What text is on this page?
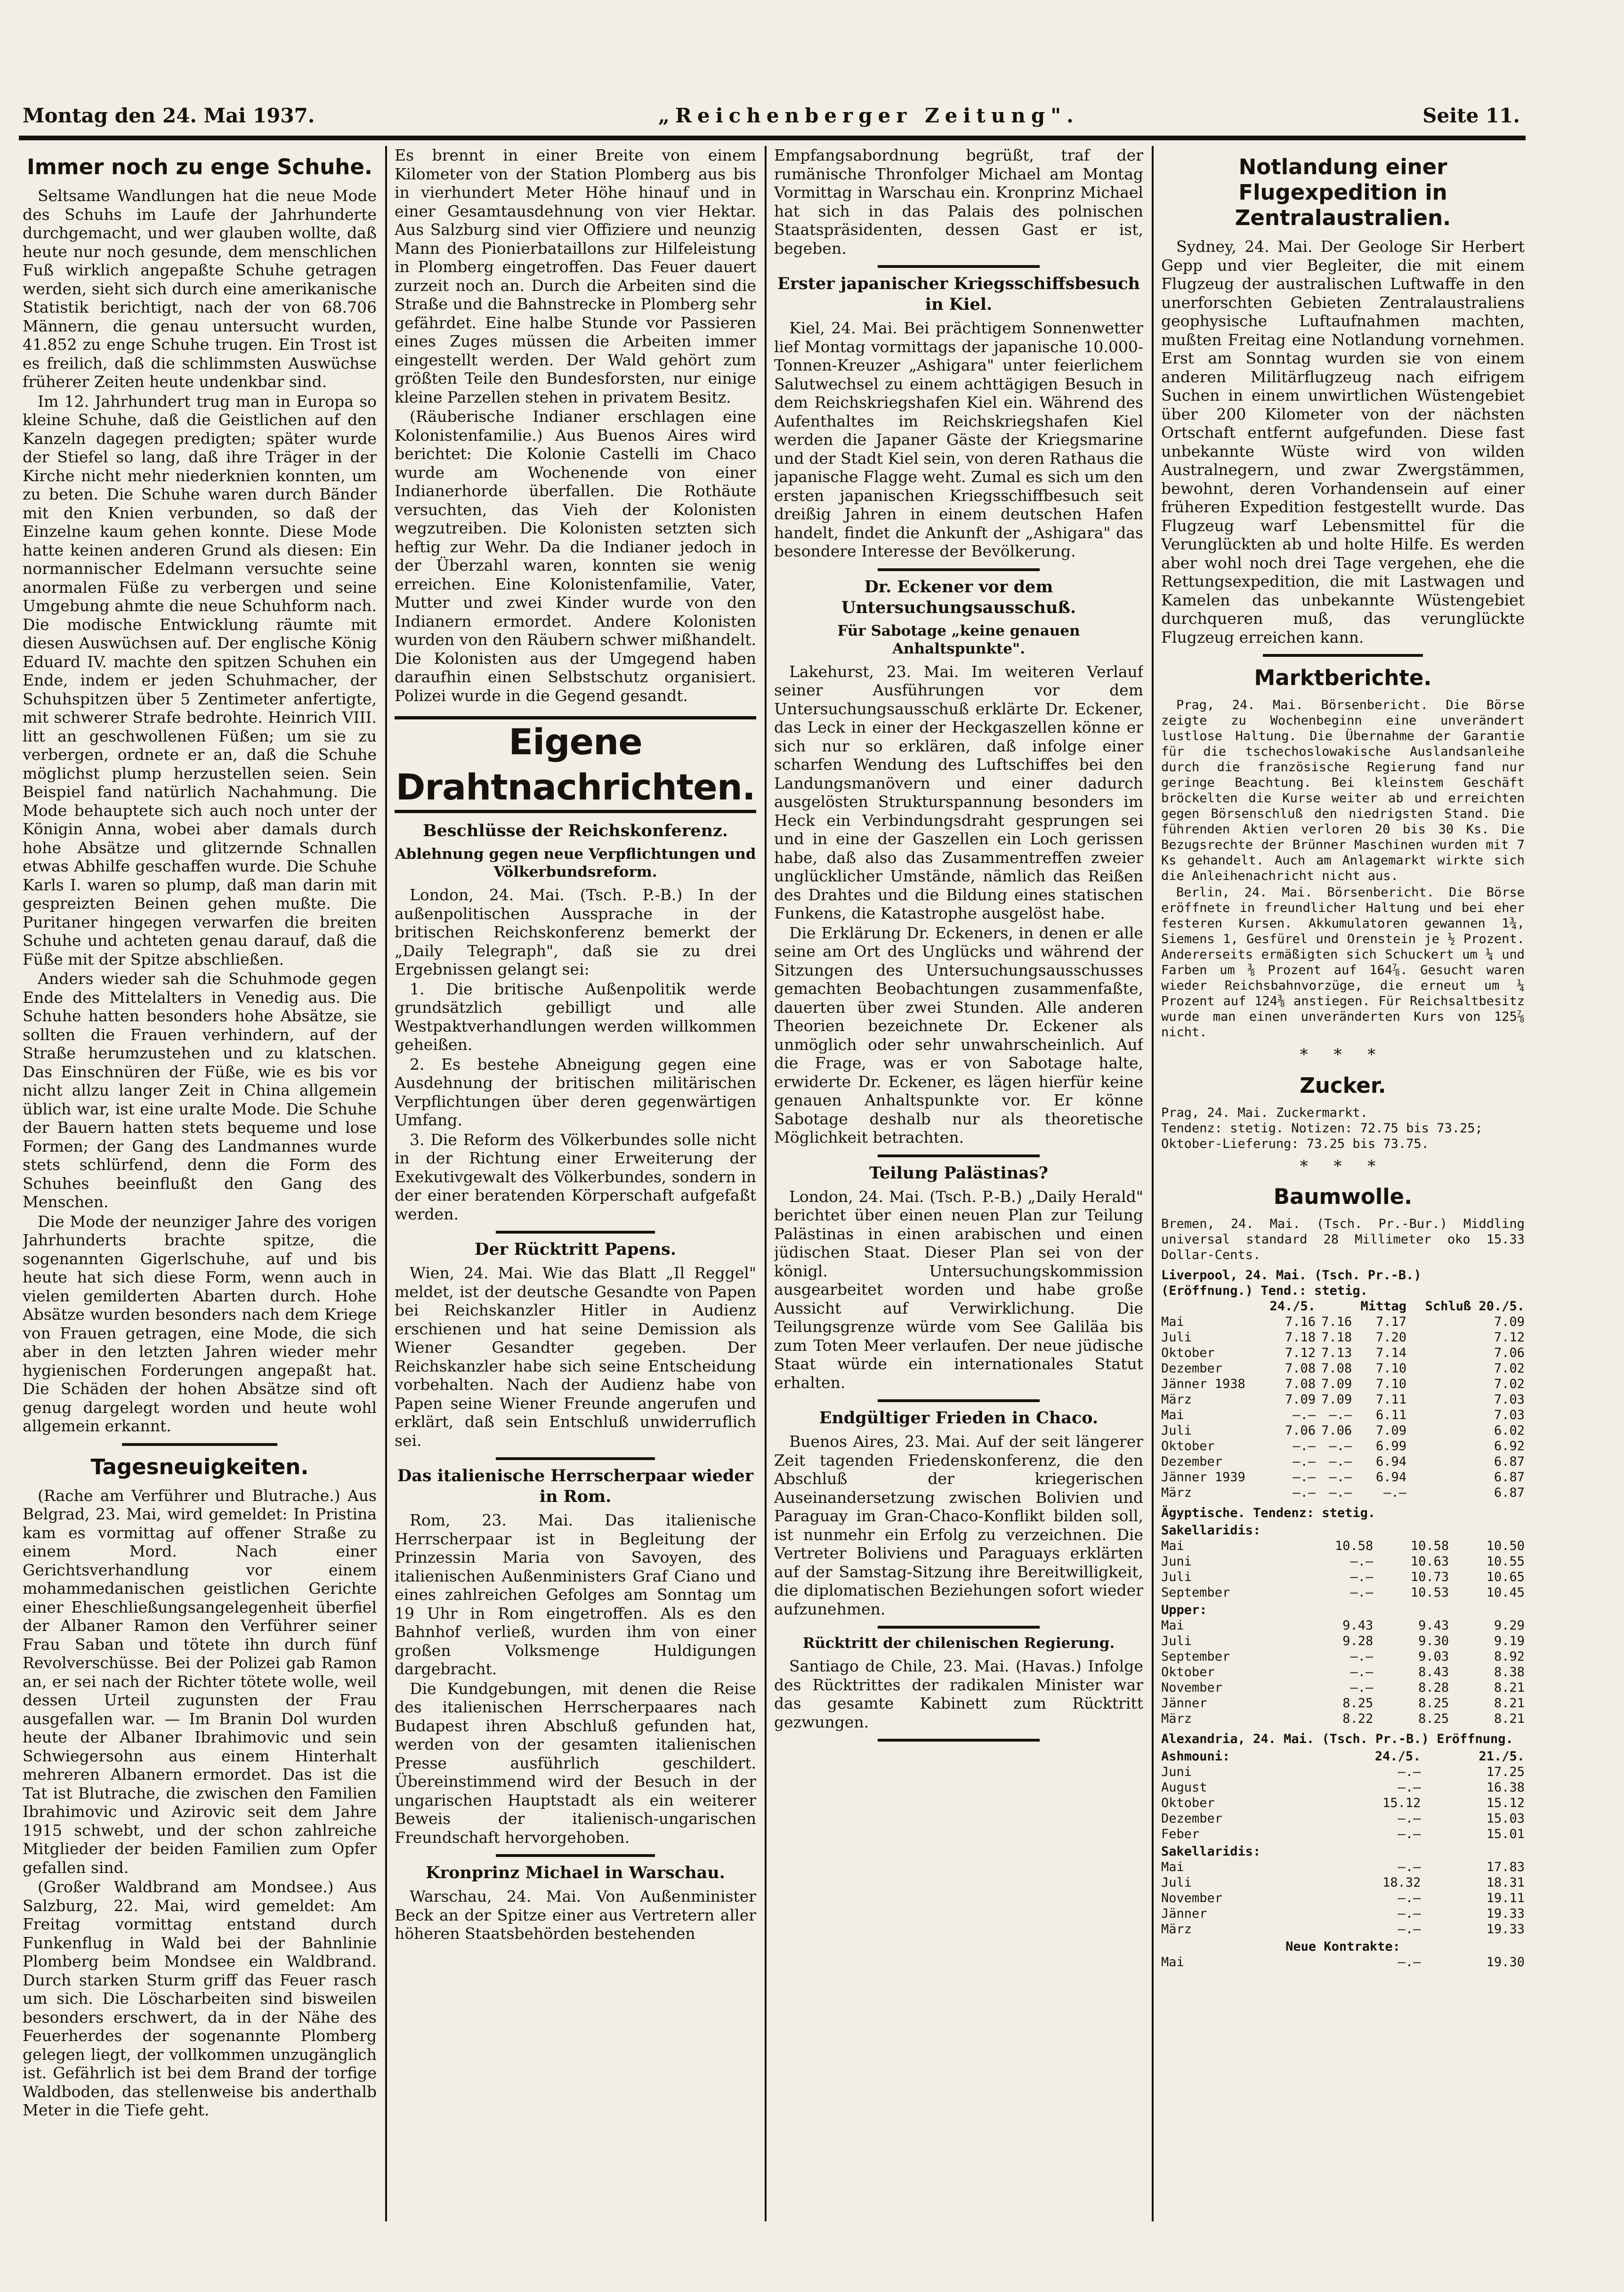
Montag den 24. Mai 1937.	„Reichenberger Zeitung".	Seite 11.
Immer noch zu enge Schuhe.

Seltsame Wandlungen hat die neue Mode des Schuhs im Laufe der Jahrhunderte durchgemacht, und wer glauben wollte, daß heute nur noch gesunde, dem menschlichen Fuß wirklich angepaßte Schuhe getragen werden, sieht sich durch eine amerikanische Statistik berichtigt, nach der von 68.706 Männern, die genau untersucht wurden, 41.852 zu enge Schuhe trugen. Ein Trost ist es freilich, daß die schlimmsten Auswüchse früherer Zeiten heute undenkbar sind.

Im 12. Jahrhundert trug man in Europa so kleine Schuhe, daß die Geistlichen auf den Kanzeln dagegen predigten; später wurde der Stiefel so lang, daß ihre Träger in der Kirche nicht mehr niederknien konnten, um zu beten. Die Schuhe waren durch Bänder mit den Knien verbunden, so daß der Einzelne kaum gehen konnte. Diese Mode hatte keinen anderen Grund als diesen: Ein normannischer Edelmann versuchte seine anormalen Füße zu verbergen und seine Umgebung ahmte die neue Schuhform nach. Die modische Entwicklung räumte mit diesen Auswüchsen auf. Der englische König Eduard IV. machte den spitzen Schuhen ein Ende, indem er jeden Schuhmacher, der Schuhspitzen über 5 Zentimeter anfertigte, mit schwerer Strafe bedrohte. Heinrich VIII. litt an geschwollenen Füßen; um sie zu verbergen, ordnete er an, daß die Schuhe möglichst plump herzustellen seien. Sein Beispiel fand natürlich Nachahmung. Die Mode behauptete sich auch noch unter der Königin Anna, wobei aber damals durch hohe Absätze und glitzernde Schnallen etwas Abhilfe geschaffen wurde. Die Schuhe Karls I. waren so plump, daß man darin mit gespreizten Beinen gehen mußte. Die Puritaner hingegen verwarfen die breiten Schuhe und achteten genau darauf, daß die Füße mit der Spitze abschließen.

Anders wieder sah die Schuhmode gegen Ende des Mittelalters in Venedig aus. Die Schuhe hatten besonders hohe Absätze, sie sollten die Frauen verhindern, auf der Straße herumzustehen und zu klatschen. Das Einschnüren der Füße, wie es bis vor nicht allzu langer Zeit in China allgemein üblich war, ist eine uralte Mode. Die Schuhe der Bauern hatten stets bequeme und lose Formen; der Gang des Landmannes wurde stets schlürfend, denn die Form des Schuhes beeinflußt den Gang des Menschen.

Die Mode der neunziger Jahre des vorigen Jahrhunderts brachte spitze, die sogenannten Gigerlschuhe, auf und bis heute hat sich diese Form, wenn auch in vielen gemilderten Abarten durch. Hohe Absätze wurden besonders nach dem Kriege von Frauen getragen, eine Mode, die sich aber in den letzten Jahren wieder mehr hygienischen Forderungen angepaßt hat. Die Schäden der hohen Absätze sind oft genug dargelegt worden und heute wohl allgemein erkannt.

Tagesneuigkeiten.

(Rache am Verführer und Blutrache.) Aus Belgrad, 23. Mai, wird gemeldet: In Pristina kam es vormittag auf offener Straße zu einem Mord. Nach einer Gerichtsverhandlung vor einem mohammedanischen geistlichen Gerichte einer Eheschließungsangelegenheit überfiel der Albaner Ramon den Verführer seiner Frau Saban und tötete ihn durch fünf Revolverschüsse. Bei der Polizei gab Ramon an, er sei nach der Richter tötete wolle, weil dessen Urteil zugunsten der Frau ausgefallen war. — Im Branin Dol wurden heute der Albaner Ibrahimovic und sein Schwiegersohn aus einem Hinterhalt mehreren Albanern ermordet. Das ist die Tat ist Blutrache, die zwischen den Familien Ibrahimovic und Azirovic seit dem Jahre 1915 schwebt, und der schon zahlreiche Mitglieder der beiden Familien zum Opfer gefallen sind.

(Großer Waldbrand am Mondsee.) Aus Salzburg, 22. Mai, wird gemeldet: Am Freitag vormittag entstand durch Funkenflug in Wald bei der Bahnlinie Plomberg beim Mondsee ein Waldbrand. Durch starken Sturm griff das Feuer rasch um sich. Die Löscharbeiten sind bisweilen besonders erschwert, da in der Nähe des Feuerherdes der sogenannte Plomberg gelegen liegt, der vollkommen unzugänglich ist. Gefährlich ist bei dem Brand der torfige Waldboden, das stellenweise bis anderthalb Meter in die Tiefe geht.

Es brennt in einer Breite von einem Kilometer von der Station Plomberg aus bis in vierhundert Meter Höhe hinauf und in einer Gesamtausdehnung von vier Hektar. Aus Salzburg sind vier Offiziere und neunzig Mann des Pionierbataillons zur Hilfeleistung in Plomberg eingetroffen. Das Feuer dauert zurzeit noch an. Durch die Arbeiten sind die Straße und die Bahnstrecke in Plomberg sehr gefährdet. Eine halbe Stunde vor Passieren eines Zuges müssen die Arbeiten immer eingestellt werden. Der Wald gehört zum größten Teile den Bundesforsten, nur einige kleine Parzellen stehen in privatem Besitz.

(Räuberische Indianer erschlagen eine Kolonistenfamilie.) Aus Buenos Aires wird berichtet: Die Kolonie Castelli im Chaco wurde am Wochenende von einer Indianerhorde überfallen. Die Rothäute versuchten, das Vieh der Kolonisten wegzutreiben. Die Kolonisten setzten sich heftig zur Wehr. Da die Indianer jedoch in der Überzahl waren, konnten sie wenig erreichen. Eine Kolonistenfamilie, Vater, Mutter und zwei Kinder wurde von den Indianern ermordet. Andere Kolonisten wurden von den Räubern schwer mißhandelt. Die Kolonisten aus der Umgegend haben daraufhin einen Selbstschutz organisiert. Polizei wurde in die Gegend gesandt.

Eigene Drahtnachrichten.
Beschlüsse der Reichskonferenz.
Ablehnung gegen neue Verpflichtungen und Völkerbundsreform.

London, 24. Mai. (Tsch. P.-B.) In der außenpolitischen Aussprache in der britischen Reichskonferenz bemerkt der „Daily Telegraph", daß sie zu drei Ergebnissen gelangt sei:

1. Die britische Außenpolitik werde grundsätzlich gebilligt und alle Westpaktverhandlungen werden willkommen geheißen.

2. Es bestehe Abneigung gegen eine Ausdehnung der britischen militärischen Verpflichtungen über deren gegenwärtigen Umfang.

3. Die Reform des Völkerbundes solle nicht in der Richtung einer Erweiterung der Exekutivgewalt des Völkerbundes, sondern in der einer beratenden Körperschaft aufgefaßt werden.

Der Rücktritt Papens.

Wien, 24. Mai. Wie das Blatt „Il Reggel" meldet, ist der deutsche Gesandte von Papen bei Reichskanzler Hitler in Audienz erschienen und hat seine Demission als Wiener Gesandter gegeben. Der Reichskanzler habe sich seine Entscheidung vorbehalten. Nach der Audienz habe von Papen seine Wiener Freunde angerufen und erklärt, daß sein Entschluß unwiderruflich sei.

Das italienische Herrscherpaar wieder in Rom.

Rom, 23. Mai. Das italienische Herrscherpaar ist in Begleitung der Prinzessin Maria von Savoyen, des italienischen Außenministers Graf Ciano und eines zahlreichen Gefolges am Sonntag um 19 Uhr in Rom eingetroffen. Als es den Bahnhof verließ, wurden ihm von einer großen Volksmenge Huldigungen dargebracht.

Die Kundgebungen, mit denen die Reise des italienischen Herrscherpaares nach Budapest ihren Abschluß gefunden hat, werden von der gesamten italienischen Presse ausführlich geschildert. Übereinstimmend wird der Besuch in der ungarischen Hauptstadt als ein weiterer Beweis der italienisch-ungarischen Freundschaft hervorgehoben.

Kronprinz Michael in Warschau.

Warschau, 24. Mai. Von Außenminister Beck an der Spitze einer aus Vertretern aller höheren Staatsbehörden bestehenden

Empfangsabordnung begrüßt, traf der rumänische Thronfolger Michael am Montag Vormittag in Warschau ein. Kronprinz Michael hat sich in das Palais des polnischen Staatspräsidenten, dessen Gast er ist, begeben.

Erster japanischer Kriegsschiffsbesuch in Kiel.

Kiel, 24. Mai. Bei prächtigem Sonnenwetter lief Montag vormittags der japanische 10.000-Tonnen-Kreuzer „Ashigara" unter feierlichem Salutwechsel zu einem achttägigen Besuch in dem Reichskriegshafen Kiel ein. Während des Aufenthaltes im Reichskriegshafen Kiel werden die Japaner Gäste der Kriegsmarine und der Stadt Kiel sein, von deren Rathaus die japanische Flagge weht. Zumal es sich um den ersten japanischen Kriegsschiffbesuch seit dreißig Jahren in einem deutschen Hafen handelt, findet die Ankunft der „Ashigara" das besondere Interesse der Bevölkerung.

Dr. Eckener vor dem Untersuchungsausschuß.
Für Sabotage „keine genauen Anhaltspunkte".

Lakehurst, 23. Mai. Im weiteren Verlauf seiner Ausführungen vor dem Untersuchungsausschuß erklärte Dr. Eckener, das Leck in einer der Heckgaszellen könne er sich nur so erklären, daß infolge einer scharfen Wendung des Luftschiffes bei den Landungsmanövern und einer dadurch ausgelösten Strukturspannung besonders im Heck ein Verbindungsdraht gesprungen sei und in eine der Gaszellen ein Loch gerissen habe, daß also das Zusammentreffen zweier unglücklicher Umstände, nämlich das Reißen des Drahtes und die Bildung eines statischen Funkens, die Katastrophe ausgelöst habe.

Die Erklärung Dr. Eckeners, in denen er alle seine am Ort des Unglücks und während der Sitzungen des Untersuchungsausschusses gemachten Beobachtungen zusammenfaßte, dauerten über zwei Stunden. Alle anderen Theorien bezeichnete Dr. Eckener als unmöglich oder sehr unwahrscheinlich. Auf die Frage, was er von Sabotage halte, erwiderte Dr. Eckener, es lägen hierfür keine genauen Anhaltspunkte vor. Er könne Sabotage deshalb nur als theoretische Möglichkeit betrachten.

Teilung Palästinas?

London, 24. Mai. (Tsch. P.-B.) „Daily Herald" berichtet über einen neuen Plan zur Teilung Palästinas in einen arabischen und einen jüdischen Staat. Dieser Plan sei von der königl. Untersuchungskommission ausgearbeitet worden und habe große Aussicht auf Verwirklichung. Die Teilungsgrenze würde vom See Galiläa bis zum Toten Meer verlaufen. Der neue jüdische Staat würde ein internationales Statut erhalten.

Endgültiger Frieden in Chaco.

Buenos Aires, 23. Mai. Auf der seit längerer Zeit tagenden Friedenskonferenz, die den Abschluß der kriegerischen Auseinandersetzung zwischen Bolivien und Paraguay im Gran-Chaco-Konflikt bilden soll, ist nunmehr ein Erfolg zu verzeichnen. Die Vertreter Boliviens und Paraguays erklärten auf der Samstag-Sitzung ihre Bereitwilligkeit, die diplomatischen Beziehungen sofort wieder aufzunehmen.

Rücktritt der chilenischen Regierung.

Santiago de Chile, 23. Mai. (Havas.) Infolge des Rücktrittes der radikalen Minister war das gesamte Kabinett zum Rücktritt gezwungen.

Notlandung einer Flugexpedition in Zentralaustralien.

Sydney, 24. Mai. Der Geologe Sir Herbert Gepp und vier Begleiter, die mit einem Flugzeug der australischen Luftwaffe in den unerforschten Gebieten Zentralaustraliens geophysische Luftaufnahmen machten, mußten Freitag eine Notlandung vornehmen. Erst am Sonntag wurden sie von einem anderen Militärflugzeug nach eifrigem Suchen in einem unwirtlichen Wüstengebiet über 200 Kilometer von der nächsten Ortschaft entfernt aufgefunden. Diese fast unbekannte Wüste wird von wilden Australnegern, und zwar Zwergstämmen, bewohnt, deren Vorhandensein auf einer früheren Expedition festgestellt wurde. Das Flugzeug warf Lebensmittel für die Verunglückten ab und holte Hilfe. Es werden aber wohl noch drei Tage vergehen, ehe die Rettungsexpedition, die mit Lastwagen und Kamelen das unbekannte Wüstengebiet durchqueren muß, das verunglückte Flugzeug erreichen kann.

Marktberichte.

Prag, 24. Mai. Börsenbericht. Die Börse zeigte zu Wochenbeginn eine unverändert lustlose Haltung. Die Übernahme der Garantie für die tschechoslowakische Auslandsanleihe durch die französische Regierung fand nur geringe Beachtung. Bei kleinstem Geschäft bröckelten die Kurse weiter ab und erreichten gegen Börsenschluß den niedrigsten Stand. Die führenden Aktien verloren 20 bis 30 Ks. Die Bezugsrechte der Brünner Maschinen wurden mit 7 Ks gehandelt. Auch am Anlagemarkt wirkte sich die Anleihenachricht nicht aus.

Berlin, 24. Mai. Börsenbericht. Die Börse eröffnete in freundlicher Haltung und bei eher festeren Kursen. Akkumulatoren gewannen 1¾, Siemens 1, Gesfürel und Orenstein je ½ Prozent. Andererseits ermäßigten sich Schuckert um ¼ und Farben um ⅜ Prozent auf 164⅞. Gesucht waren wieder Reichsbahnvorzüge, die erneut um ¼ Prozent auf 124⅜ anstiegen. Für Reichsaltbesitz wurde man einen unveränderten Kurs von 125⅞ nicht.

* * *
Zucker.
Prag, 24. Mai. Zuckermarkt.
Tendenz: stetig. Notizen: 72.75 bis 73.25;
Oktober-Lieferung: 73.25 bis 73.75.
* * *
Baumwolle.
Bremen, 24. Mai. (Tsch. Pr.-Bur.) Middling universal standard 28 Millimeter oko 15.33 Dollar-Cents.
Liverpool, 24. Mai. (Tsch. Pr.-B.)				
(Eröffnung.) Tend.: stetig.				
	24./5.		Mittag	Schluß 20./5.
Mai	7.16	7.16	7.17	7.09
Juli	7.18	7.18	7.20	7.12
Oktober	7.12	7.13	7.14	7.06
Dezember	7.08	7.08	7.10	7.02
Jänner 1938	7.08	7.09	7.10	7.02
März	7.09	7.09	7.11	7.03
Mai	—.—	—.—	6.11	7.03
Juli	7.06	7.06	7.09	6.02
Oktober	—.—	—.—	6.99	6.92
Dezember	—.—	—.—	6.94	6.87
Jänner 1939	—.—	—.—	6.94	6.87
März	—.—	—.—	—.—	6.87
Ägyptische. Tendenz: stetig.			
Sakellaridis:			
Mai	10.58	10.58	10.50
Juni	—.—	10.63	10.55
Juli	—.—	10.73	10.65
September	—.—	10.53	10.45
Upper:			
Mai	9.43	9.43	9.29
Juli	9.28	9.30	9.19
September	—.—	9.03	8.92
Oktober	—.—	8.43	8.38
November	—.—	8.28	8.21
Jänner	8.25	8.25	8.21
März	8.22	8.25	8.21
Alexandria, 24. Mai. (Tsch. Pr.-B.) Eröffnung.		
Ashmouni:	24./5.	21./5.
Juni	—.—	17.25
August	—.—	16.38
Oktober	15.12	15.12
Dezember	—.—	15.03
Feber	—.—	15.01
Sakellaridis:		
Mai	—.—	17.83
Juli	18.32	18.31
November	—.—	19.11
Jänner	—.—	19.33
März	—.—	19.33
Neue Kontrakte:		
Mai	—.—	19.30
